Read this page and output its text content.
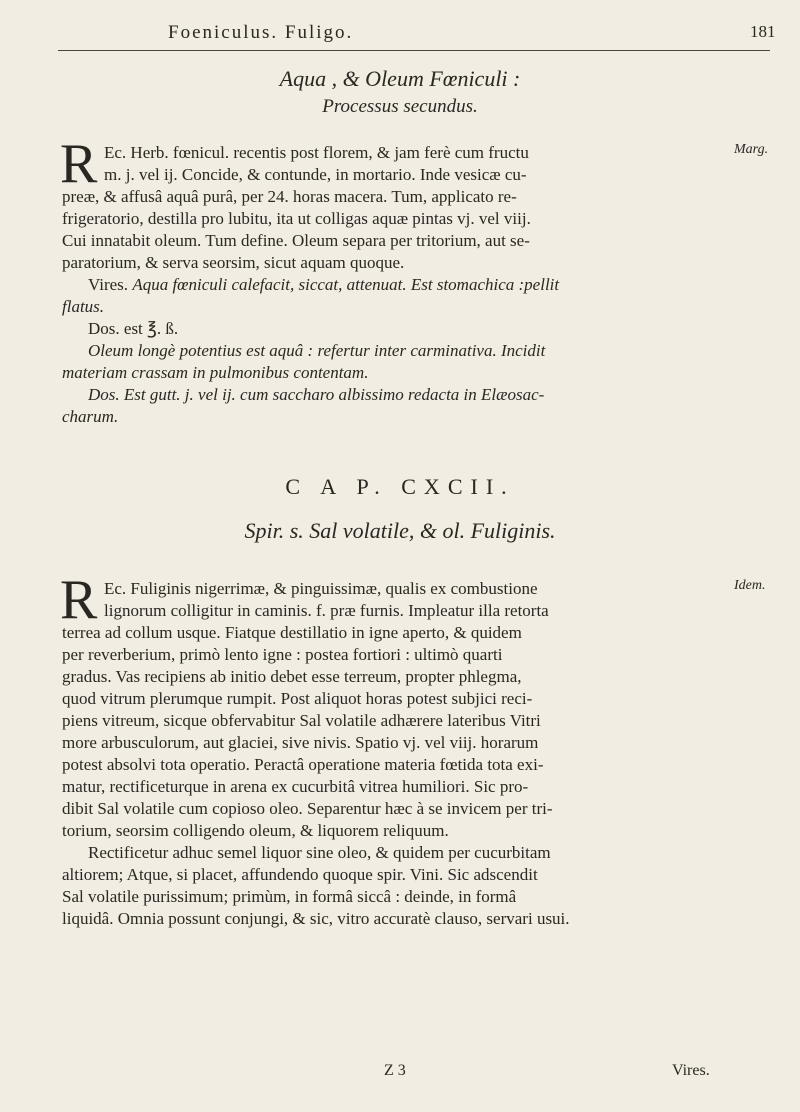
Foeniculus. Fuligo.	181
Aqua , & Oleum Fœniculi :
Processus secundus.
R	Marg.
Ec. Herb. fœnicul. recentis post florem, & jam ferè cum fructu
m. j. vel ij. Concide, & contunde, in mortario. Inde vesicæ cu-
preæ, & affusâ aquâ purâ, per 24. horas macera. Tum, applicato re-
frigeratorio, destilla pro lubitu, ita ut colligas aquæ pintas vj. vel viij.
Cui innatabit oleum. Tum define. Oleum separa per tritorium, aut se-
paratorium, & serva seorsim, sicut aquam quoque.
Vires. Aqua fœniculi calefacit, siccat, attenuat. Est stomachica :pellit
flatus.
Dos. est ℥. ß.
Oleum longè potentius est aquâ : refertur inter carminativa. Incidit
materiam crassam in pulmonibus contentam.
Dos. Est gutt. j. vel ij. cum saccharo albissimo redacta in Elæosac-
charum.
C A P. CXCII.
Spir. s. Sal volatile, & ol. Fuliginis.
R	Idem.
Ec. Fuliginis nigerrimæ, & pinguissimæ, qualis ex combustione
lignorum colligitur in caminis. f. præ furnis. Impleatur illa retorta
terrea ad collum usque. Fiatque destillatio in igne aperto, & quidem
per reverberium, primò lento igne : postea fortiori : ultimò quarti
gradus. Vas recipiens ab initio debet esse terreum, propter phlegma,
quod vitrum plerumque rumpit. Post aliquot horas potest subjici reci-
piens vitreum, sicque obfervabitur Sal volatile adhærere lateribus Vitri
more arbusculorum, aut glaciei, sive nivis. Spatio vj. vel viij. horarum
potest absolvi tota operatio. Peractâ operatione materia fœtida tota exi-
matur, rectificeturque in arena ex cucurbitâ vitrea humiliori. Sic pro-
dibit Sal volatile cum copioso oleo. Separentur hæc à se invicem per tri-
torium, seorsim colligendo oleum, & liquorem reliquum.
Rectificetur adhuc semel liquor sine oleo, & quidem per cucurbitam
altiorem; Atque, si placet, affundendo quoque spir. Vini. Sic adscendit
Sal volatile purissimum; primùm, in formâ siccâ : deinde, in formâ
liquidâ. Omnia possunt conjungi, & sic, vitro accuratè clauso, servari usui.
Z 3	Vires.
